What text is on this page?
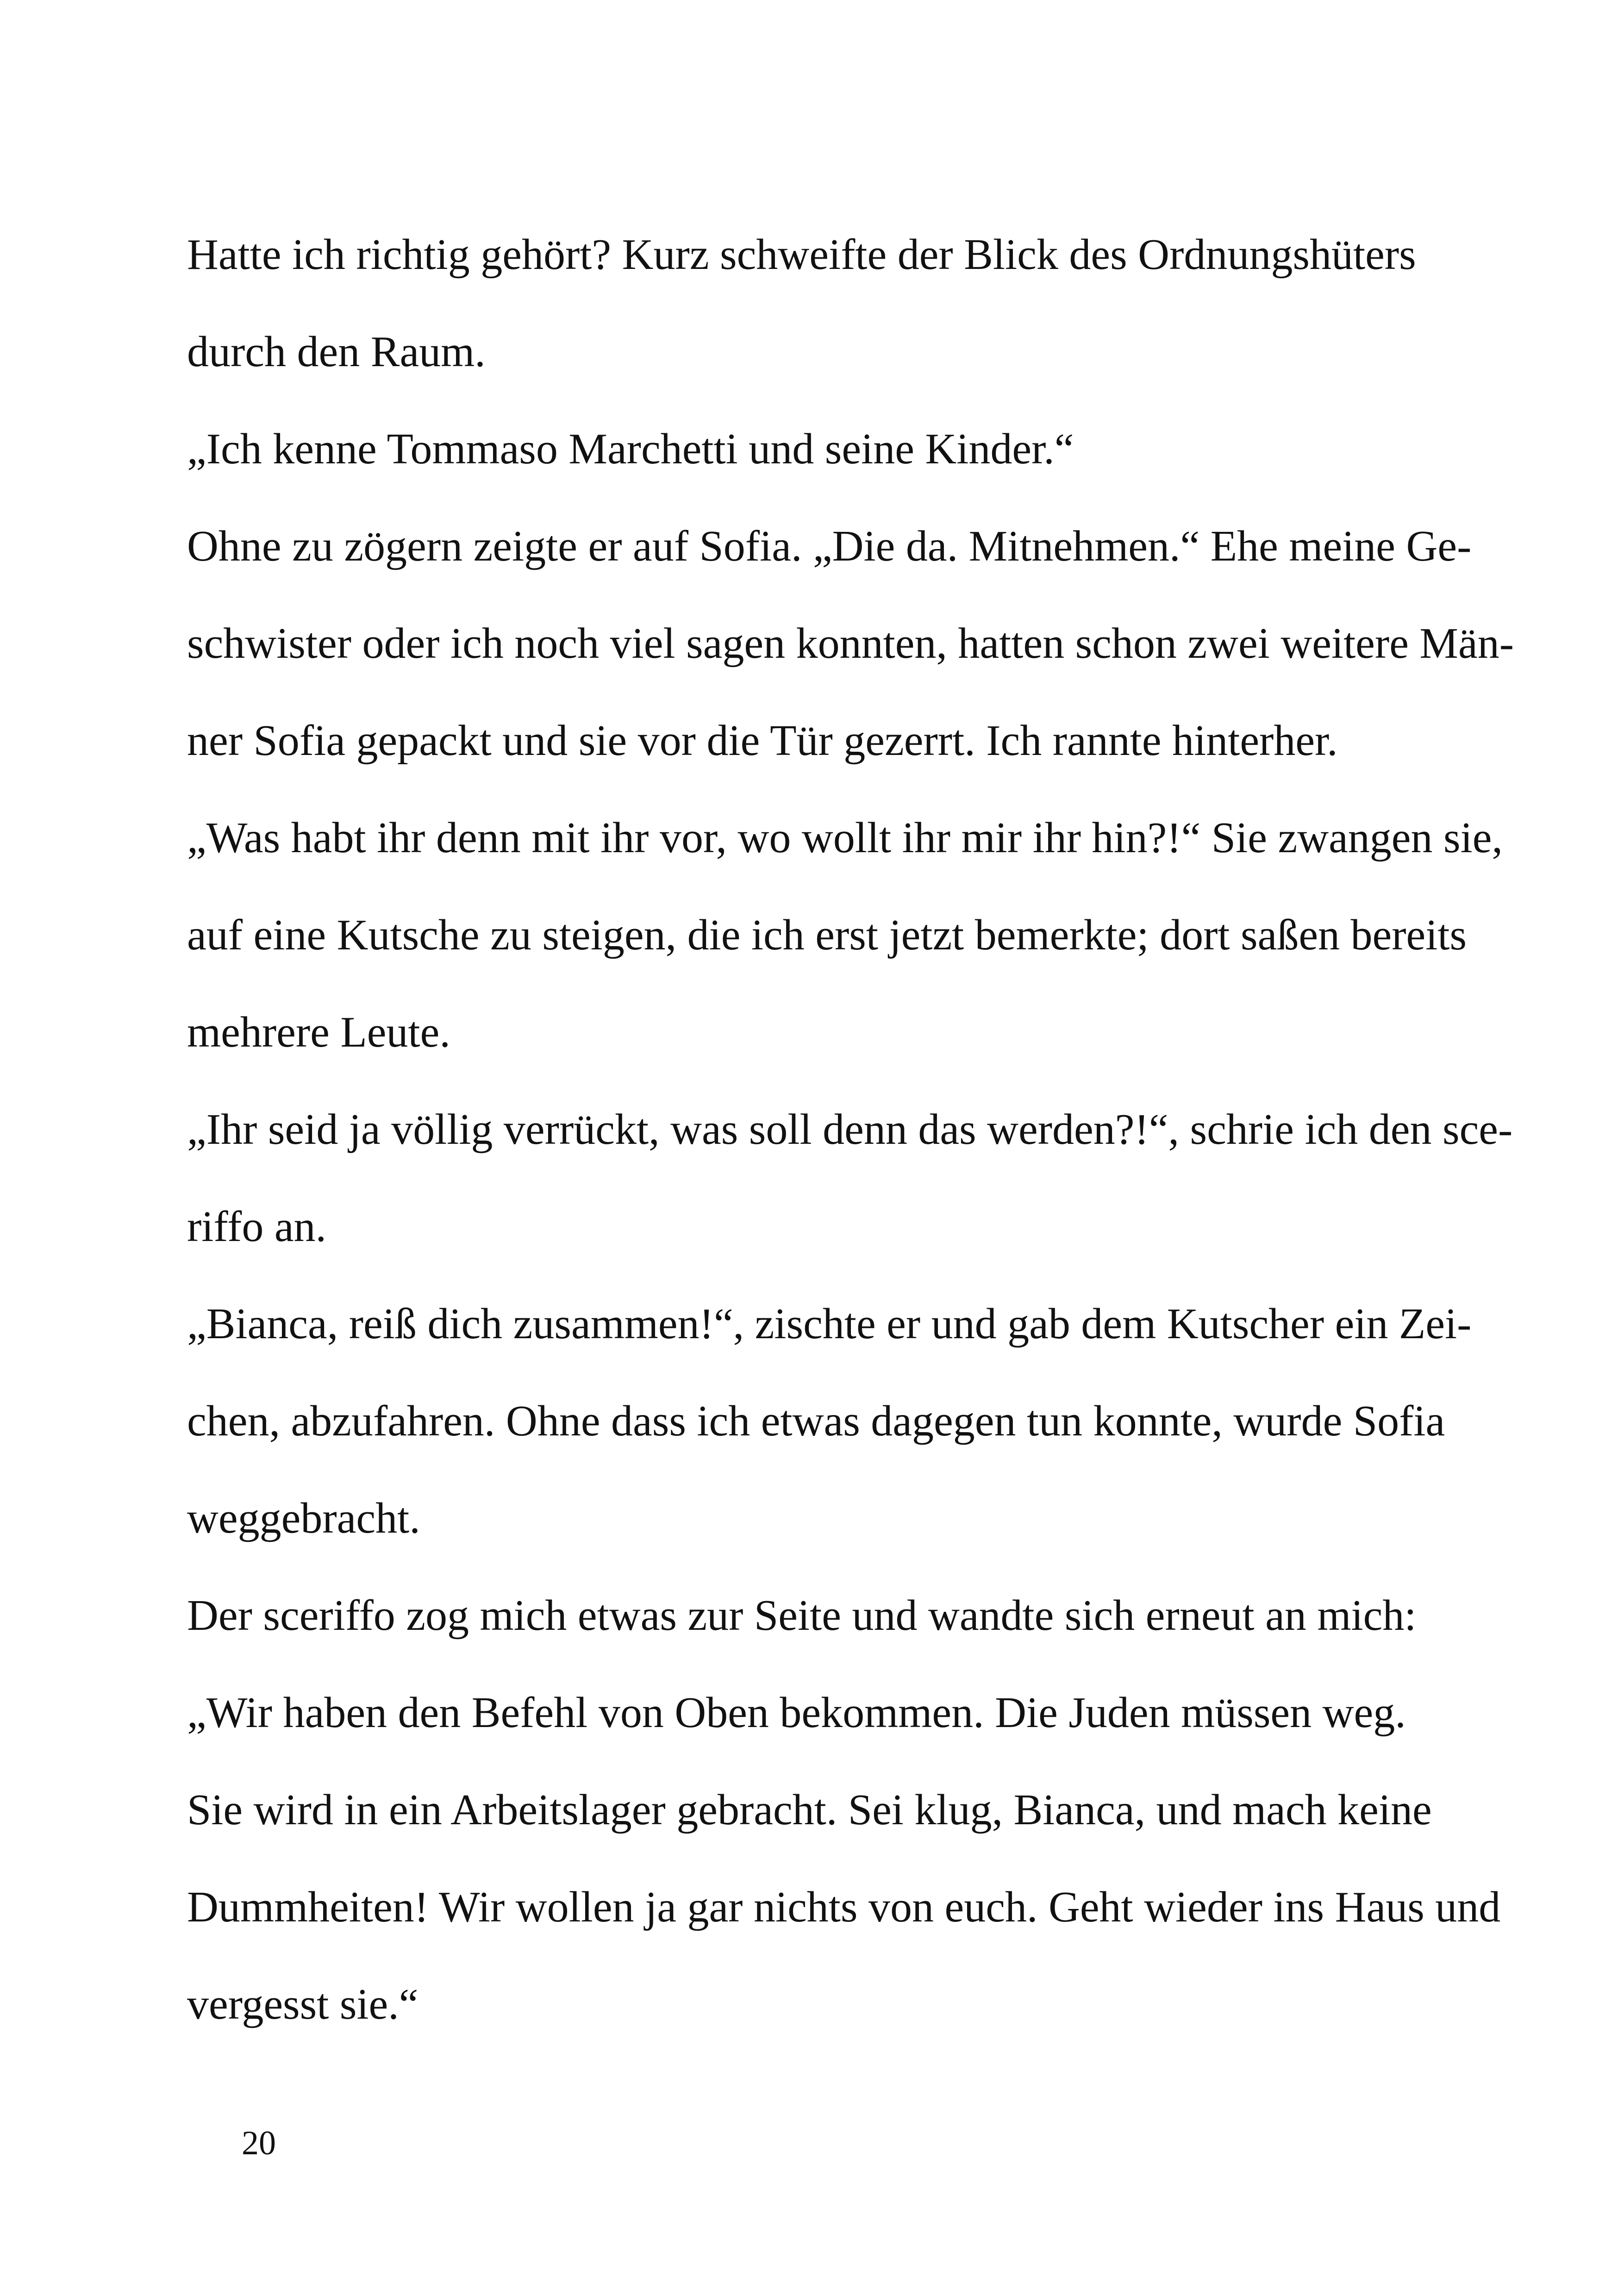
Hatte ich richtig gehört? Kurz schweifte der Blick des Ordnungshüters
durch den Raum.
„Ich kenne Tommaso Marchetti und seine Kinder.“
Ohne zu zögern zeigte er auf Sofia. „Die da. Mitnehmen.“ Ehe meine Ge-
schwister oder ich noch viel sagen konnten, hatten schon zwei weitere Män-
ner Sofia gepackt und sie vor die Tür gezerrt. Ich rannte hinterher.
„Was habt ihr denn mit ihr vor, wo wollt ihr mir ihr hin?!“ Sie zwangen sie,
auf eine Kutsche zu steigen, die ich erst jetzt bemerkte; dort saßen bereits
mehrere Leute.
„Ihr seid ja völlig verrückt, was soll denn das werden?!“, schrie ich den sce-
riffo an.
„Bianca, reiß dich zusammen!“, zischte er und gab dem Kutscher ein Zei-
chen, abzufahren. Ohne dass ich etwas dagegen tun konnte, wurde Sofia
weggebracht.
Der sceriffo zog mich etwas zur Seite und wandte sich erneut an mich:
„Wir haben den Befehl von Oben bekommen. Die Juden müssen weg.
Sie wird in ein Arbeitslager gebracht. Sei klug, Bianca, und mach keine
Dummheiten! Wir wollen ja gar nichts von euch. Geht wieder ins Haus und
vergesst sie.“
20
